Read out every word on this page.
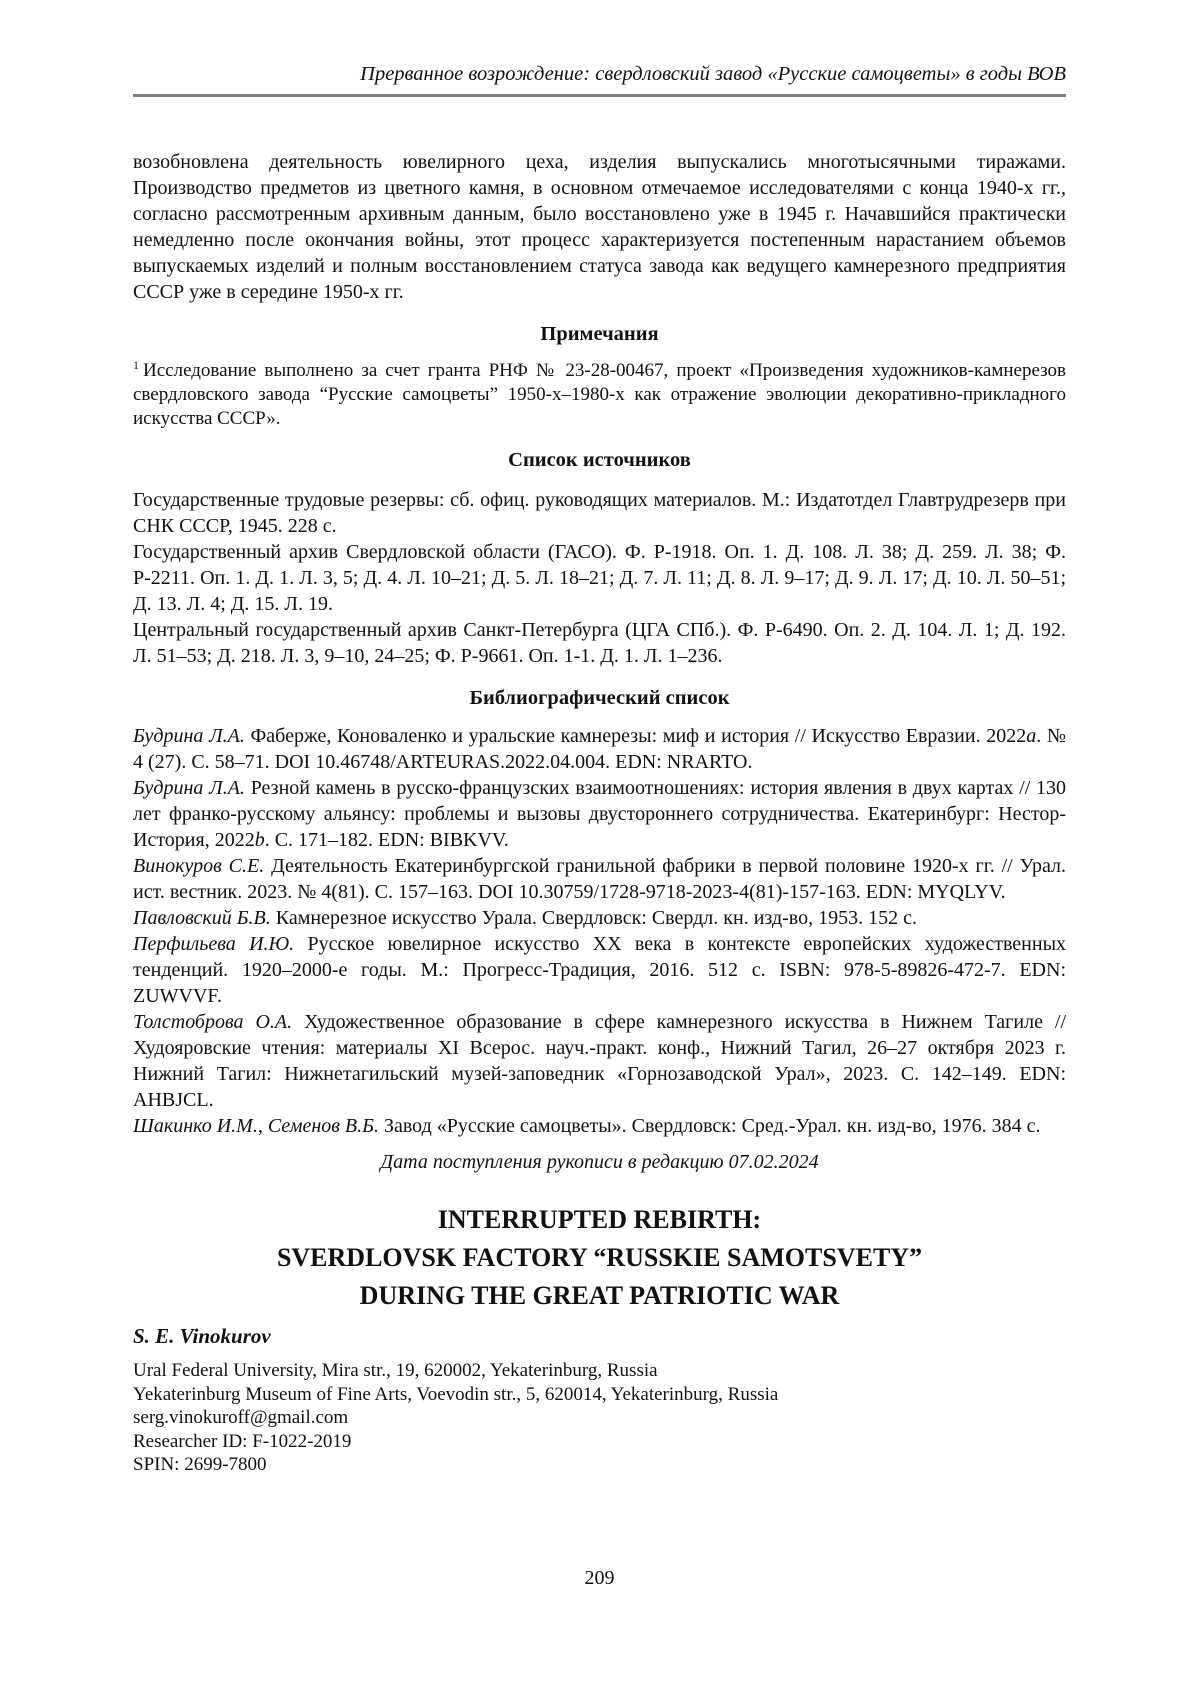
Прерванное возрождение: свердловский завод «Русские самоцветы» в годы ВОВ

возобновлена деятельность ювелирного цеха, изделия выпускались многотысячными тиражами. Производство предметов из цветного камня, в основном отмечаемое исследователями с конца 1940-х гг., согласно рассмотренным архивным данным, было восстановлено уже в 1945 г. Начавшийся практически немедленно после окончания войны, этот процесс характеризуется постепенным нарастанием объемов выпускаемых изделий и полным восстановлением статуса завода как ведущего камнерезного предприятия СССР уже в середине 1950-х гг.

Примечания

$^1$ Исследование выполнено за счет гранта РНФ № 23-28-00467, проект «Произведения художников-камнерезов свердловского завода “Русские самоцветы” 1950-х–1980-х как отражение эволюции декоративно-прикладного искусства СССР».

Список источников

Государственные трудовые резервы: сб. офиц. руководящих материалов. М.: Издатотдел Главтрудрезерв при СНК СССР, 1945. 228 с.

Государственный архив Свердловской области (ГАСО). Ф. Р-1918. Оп. 1. Д. 108. Л. 38; Д. 259. Л. 38; Ф. Р-2211. Оп. 1. Д. 1. Л. 3, 5; Д. 4. Л. 10–21; Д. 5. Л. 18–21; Д. 7. Л. 11; Д. 8. Л. 9–17; Д. 9. Л. 17; Д. 10. Л. 50–51; Д. 13. Л. 4; Д. 15. Л. 19.

Центральный государственный архив Санкт-Петербурга (ЦГА СПб.). Ф. Р-6490. Оп. 2. Д. 104. Л. 1; Д. 192. Л. 51–53; Д. 218. Л. 3, 9–10, 24–25; Ф. Р-9661. Оп. 1-1. Д. 1. Л. 1–236.

Библиографический список

Будрина Л.А. Фаберже, Коноваленко и уральские камнерезы: миф и история // Искусство Евразии. 2022a. № 4 (27). С. 58–71. DOI 10.46748/ARTEURAS.2022.04.004. EDN: NRARTO.

Будрина Л.А. Резной камень в русско-французских взаимоотношениях: история явления в двух картах // 130 лет франко-русскому альянсу: проблемы и вызовы двустороннего сотрудничества. Екатеринбург: Нестор-История, 2022b. С. 171–182. EDN: BIBKVV.

Винокуров С.Е. Деятельность Екатеринбургской гранильной фабрики в первой половине 1920-х гг. // Урал. ист. вестник. 2023. № 4(81). С. 157–163. DOI 10.30759/1728-9718-2023-4(81)-157-163. EDN: MYQLYV.

Павловский Б.В. Камнерезное искусство Урала. Свердловск: Свердл. кн. изд-во, 1953. 152 с.

Перфильева И.Ю. Русское ювелирное искусство XX века в контексте европейских художественных тенденций. 1920–2000-е годы. М.: Прогресс-Традиция, 2016. 512 с. ISBN: 978-5-89826-472-7. EDN: ZUWVVF.

Толстоброва О.А. Художественное образование в сфере камнерезного искусства в Нижнем Тагиле // Худояровские чтения: материалы XI Всерос. науч.-практ. конф., Нижний Тагил, 26–27 октября 2023 г. Нижний Тагил: Нижнетагильский музей-заповедник «Горнозаводской Урал», 2023. С. 142–149. EDN: AHBJCL.

Шакинко И.М., Семенов В.Б. Завод «Русские самоцветы». Свердловск: Сред.-Урал. кн. изд-во, 1976. 384 с.

Дата поступления рукописи в редакцию 07.02.2024

INTERRUPTED REBIRTH:
SVERDLOVSK FACTORY “RUSSKIE SAMOTSVETY”
DURING THE GREAT PATRIOTIC WAR

S. E. Vinokurov

Ural Federal University, Mira str., 19, 620002, Yekaterinburg, Russia
Yekaterinburg Museum of Fine Arts, Voevodin str., 5, 620014, Yekaterinburg, Russia
serg.vinokuroff@gmail.com
Researcher ID: F-1022-2019
SPIN: 2699-7800
209
